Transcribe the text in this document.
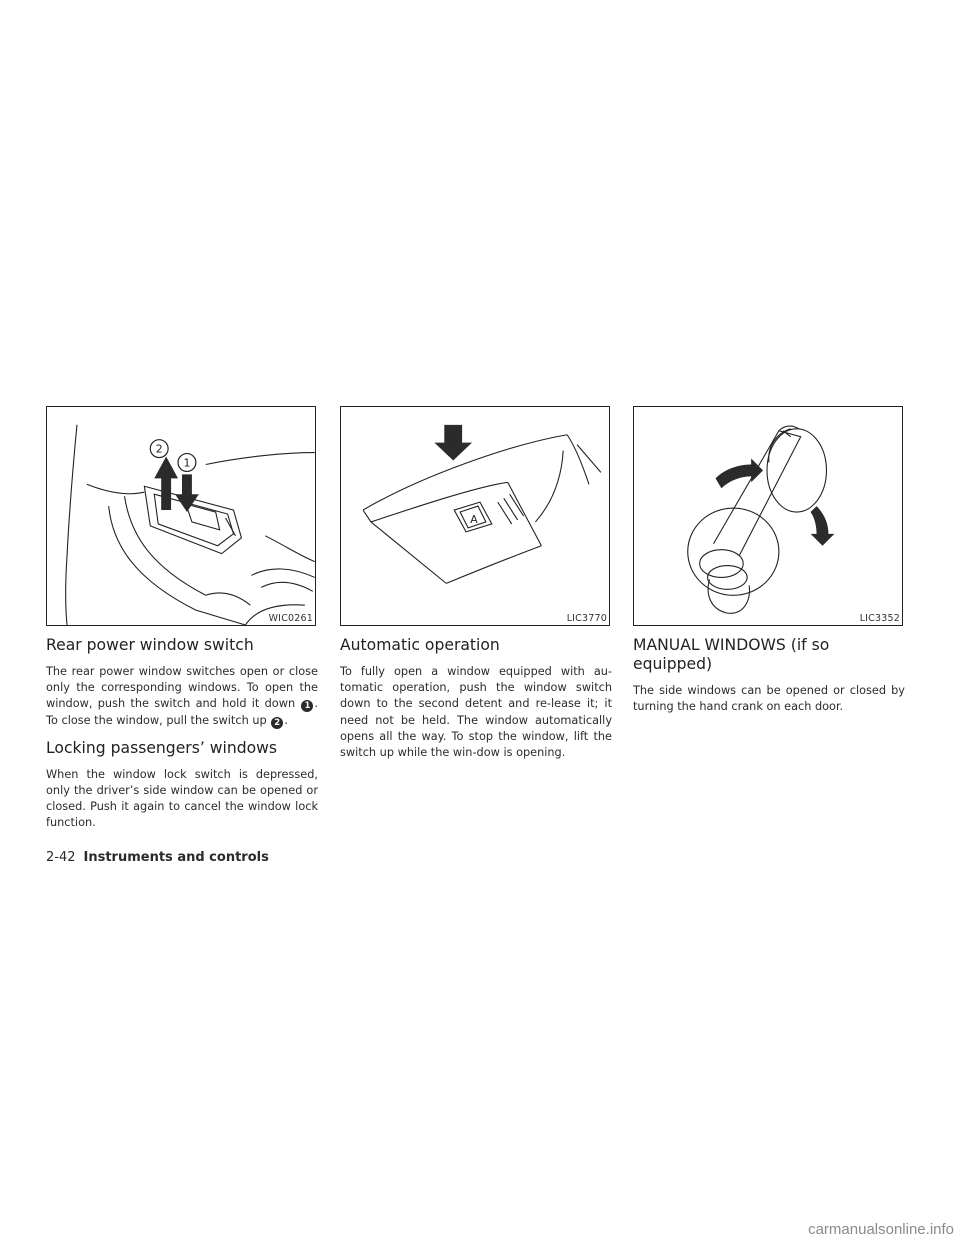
2
1
WIC0261
Rear power window switch

The rear power window switches open or close only the corresponding windows. To open the window, push the switch and hold it down 1 . To close the window, pull the switch up 2 .

Locking passengers’ windows

When the window lock switch is depressed, only the driver’s side window can be opened or closed. Push it again to cancel the window lock function.

A
LIC3770
Automatic operation

To fully open a window equipped with au-tomatic operation, push the window switch down to the second detent and re-lease it; it need not be held. The window automatically opens all the way. To stop the window, lift the switch up while the win-dow is opening.

LIC3352
MANUAL WINDOWS (if so equipped)

The side windows can be opened or closed by turning the hand crank on each door.

2-42 Instruments and controls
carmanualsonline.info
